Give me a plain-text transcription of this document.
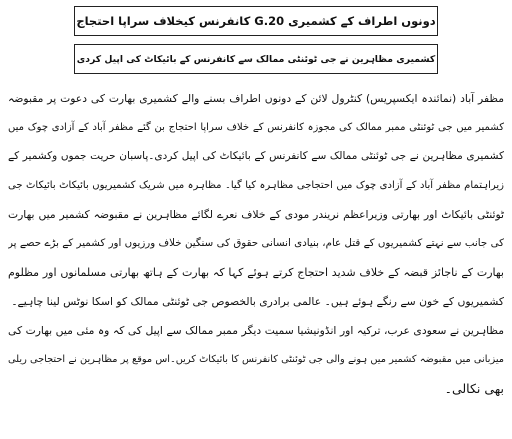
دونوں اطراف کے کشمیری G.20 کانفرنس کیخلاف سراپا احتجاج
کشمیری مظاہرین نے جی ٹوئنٹی ممالک سے کانفرنس کے بائیکاٹ کی اپیل کردی
مظفر آباد (نمائندہ ایکسپریس) کنٹرول لائن کے دونوں اطراف بسنے والے کشمیری بھارت کی دعوت پر مقبوضہ
کشمیر میں جی ٹوئنٹی ممبر ممالک کی مجوزہ کانفرنس کے خلاف سراپا احتجاج بن گئے مظفر آباد کے آزادی چوک میں
کشمیری مظاہرین نے جی ٹوئنٹی ممالک سے کانفرنس کے بائیکاٹ کی اپیل کردی۔پاسبان حریت جموں وکشمیر کے
زیراہتمام مظفر آباد کے آزادی چوک میں احتجاجی مظاہرہ کیا گیا۔ مظاہرہ میں شریک کشمیریوں بائیکاٹ بائیکاٹ جی
ٹوئنٹی بائیکاٹ اور بھارتی وزیراعظم نریندر مودی کے خلاف نعرے لگائے مظاہرین نے مقبوضہ کشمیر میں بھارت
کی جانب سے نہتے کشمیریوں کے قتل عام، بنیادی انسانی حقوق کی سنگین خلاف ورزیوں اور کشمیر کے بڑے حصے پر
بھارت کے ناجائز قبضہ کے خلاف شدید احتجاج کرتے ہوئے کہا کہ بھارت کے ہاتھ بھارتی مسلمانوں اور مظلوم
کشمیریوں کے خون سے رنگے ہوئے ہیں۔ عالمی برادری بالخصوص جی ٹوئنٹی ممالک کو اسکا نوٹس لینا چاہیے۔
مظاہرین نے سعودی عرب، ترکیہ اور انڈونیشیا سمیت دیگر ممبر ممالک سے اپیل کی کہ وہ مئی میں بھارت کی
میزبانی میں مقبوضہ کشمیر میں ہونے والی جی ٹوئنٹی کانفرنس کا بائیکاٹ کریں۔اس موقع پر مظاہرین نے احتجاجی ریلی
بھی نکالی۔
